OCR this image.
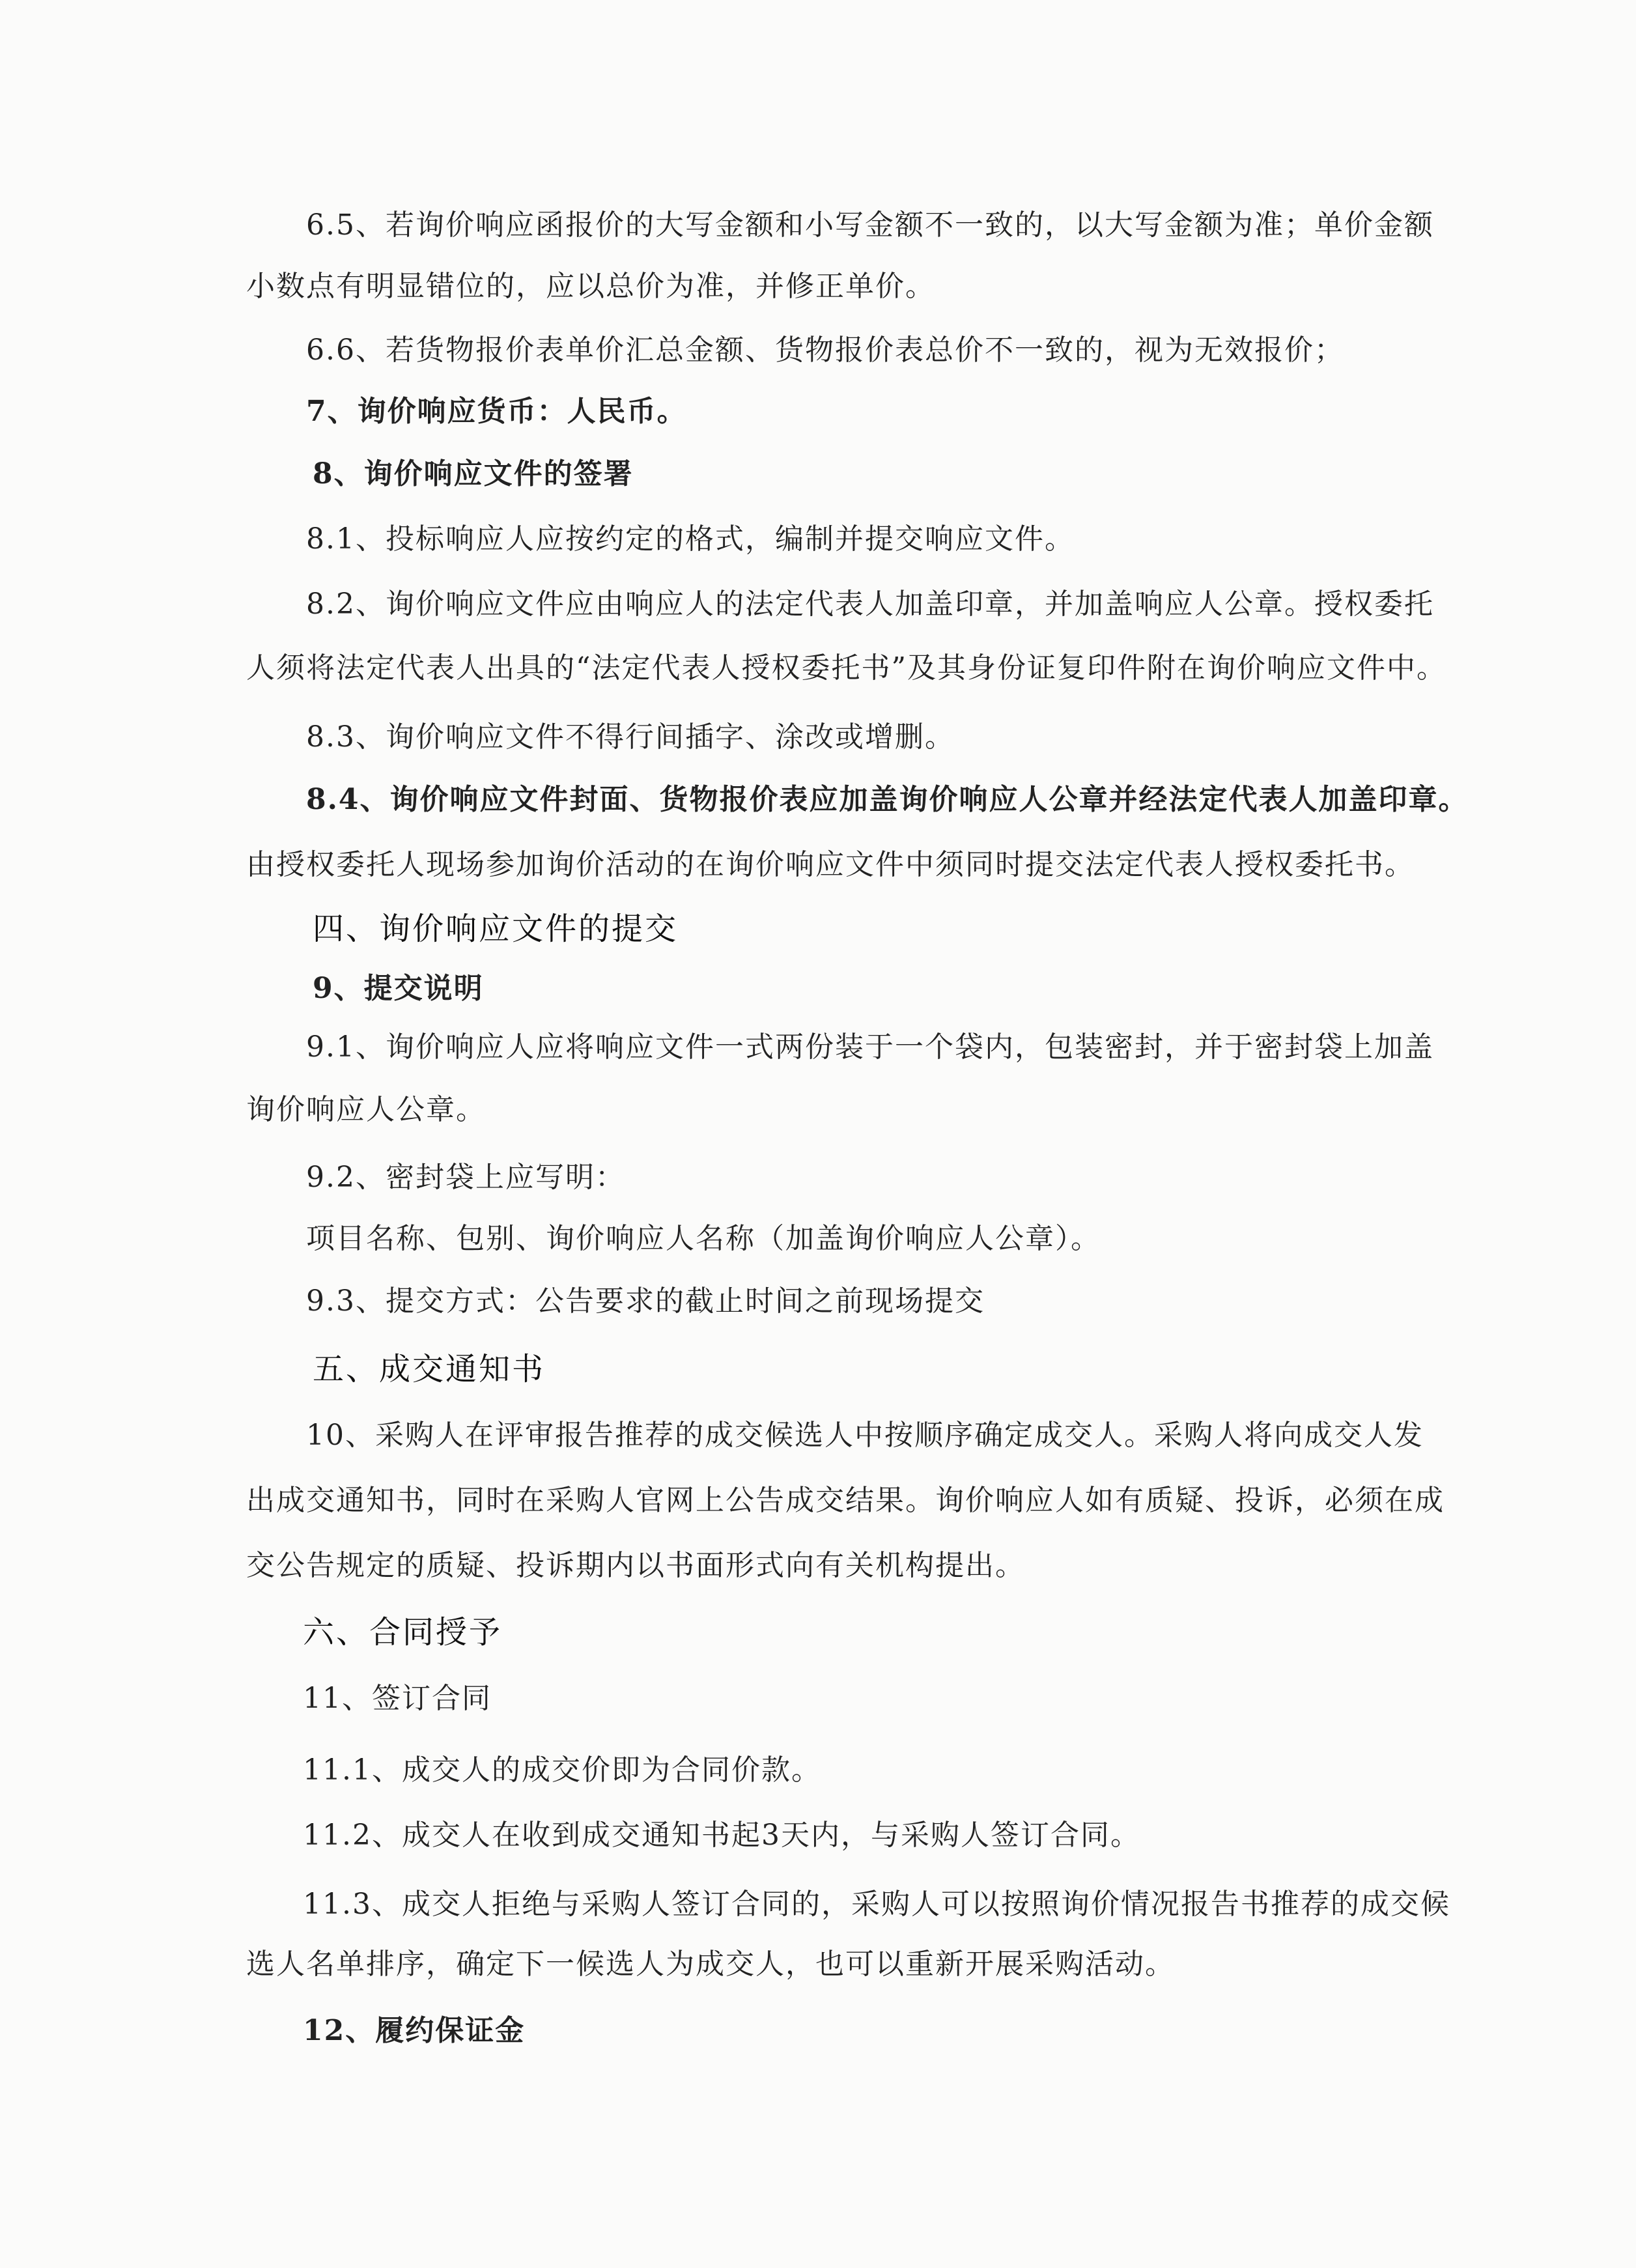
6.5、若询价响应函报价的大写金额和小写金额不一致的，以大写金额为准；单价金额
小数点有明显错位的，应以总价为准，并修正单价。
6.6、若货物报价表单价汇总金额、货物报价表总价不一致的，视为无效报价；
7、询价响应货币：人民币。
8、询价响应文件的签署
8.1、投标响应人应按约定的格式，编制并提交响应文件。
8.2、询价响应文件应由响应人的法定代表人加盖印章，并加盖响应人公章。授权委托
人须将法定代表人出具的“法定代表人授权委托书”及其身份证复印件附在询价响应文件中。
8.3、询价响应文件不得行间插字、涂改或增删。
8.4、询价响应文件封面、货物报价表应加盖询价响应人公章并经法定代表人加盖印章。
由授权委托人现场参加询价活动的在询价响应文件中须同时提交法定代表人授权委托书。
四、询价响应文件的提交
9、提交说明
9.1、询价响应人应将响应文件一式两份装于一个袋内，包装密封，并于密封袋上加盖
询价响应人公章。
9.2、密封袋上应写明：
项目名称、包别、询价响应人名称（加盖询价响应人公章）。
9.3、提交方式：公告要求的截止时间之前现场提交
五、成交通知书
10、采购人在评审报告推荐的成交候选人中按顺序确定成交人。采购人将向成交人发
出成交通知书，同时在采购人官网上公告成交结果。询价响应人如有质疑、投诉，必须在成
交公告规定的质疑、投诉期内以书面形式向有关机构提出。
六、合同授予
11、签订合同
11.1、成交人的成交价即为合同价款。
11.2、成交人在收到成交通知书起3天内，与采购人签订合同。
11.3、成交人拒绝与采购人签订合同的，采购人可以按照询价情况报告书推荐的成交候
选人名单排序，确定下一候选人为成交人，也可以重新开展采购活动。
12、履约保证金
